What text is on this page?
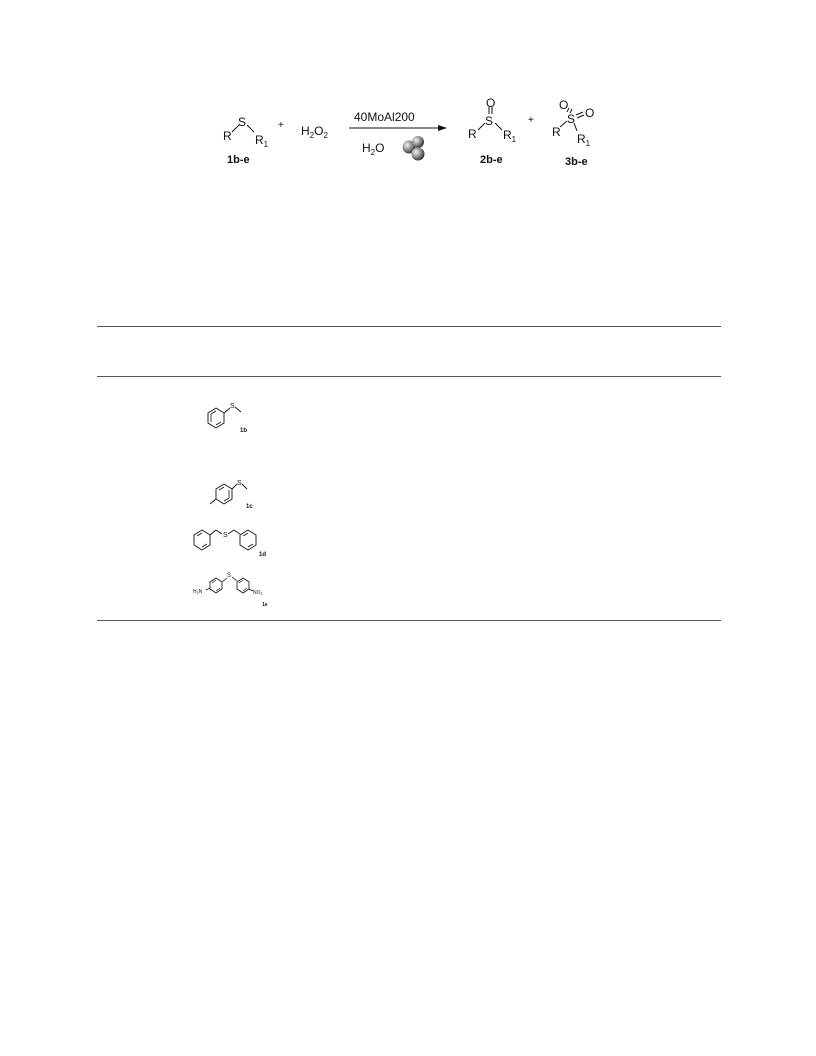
R
S
$R_1$
1b-e
+ $H_2O_2$
40MoAl200
$H_2O$
O
S
R $R_1$
2b-e
+
O
O
S
R $R_1$
3b-e
S
1b
S
1c
S
1d
$H_2N$
S
$NO_2$
1e
